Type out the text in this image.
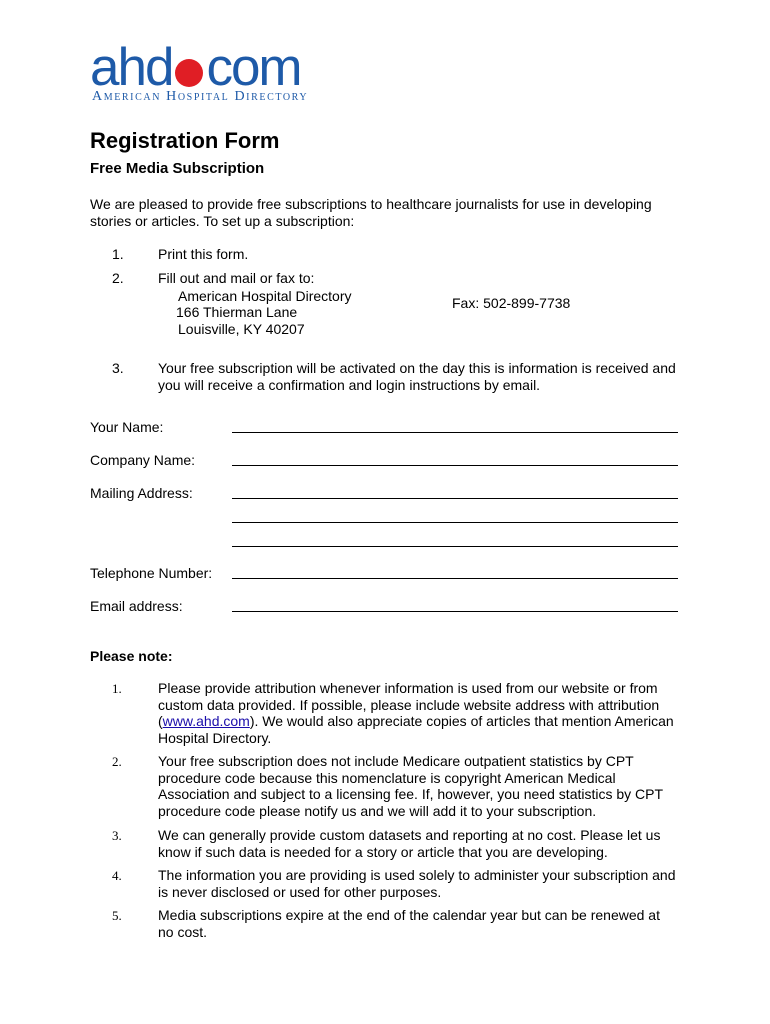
ahd com
American Hospital Directory
Registration Form
Free Media Subscription
We are pleased to provide free subscriptions to healthcare journalists for use in developing stories or articles. To set up a subscription:
1. Print this form.
2. Fill out and mail or fax to:
American Hospital Directory
166 Thierman Lane
Louisville, KY 40207
Fax: 502-899-7738
3. Your free subscription will be activated on the day this is information is received and you will receive a confirmation and login instructions by email.
Your Name:
Company Name:
Mailing Address:
Telephone Number:
Email address:
Please note:
1.	Please provide attribution whenever information is used from our website or from custom data provided. If possible, please include website address with attribution (www.ahd.com). We would also appreciate copies of articles that mention American Hospital Directory.
2.	Your free subscription does not include Medicare outpatient statistics by CPT procedure code because this nomenclature is copyright American Medical Association and subject to a licensing fee. If, however, you need statistics by CPT procedure code please notify us and we will add it to your subscription.
3.	We can generally provide custom datasets and reporting at no cost. Please let us know if such data is needed for a story or article that you are developing.
4.	The information you are providing is used solely to administer your subscription and is never disclosed or used for other purposes.
5.	Media subscriptions expire at the end of the calendar year but can be renewed at no cost.
